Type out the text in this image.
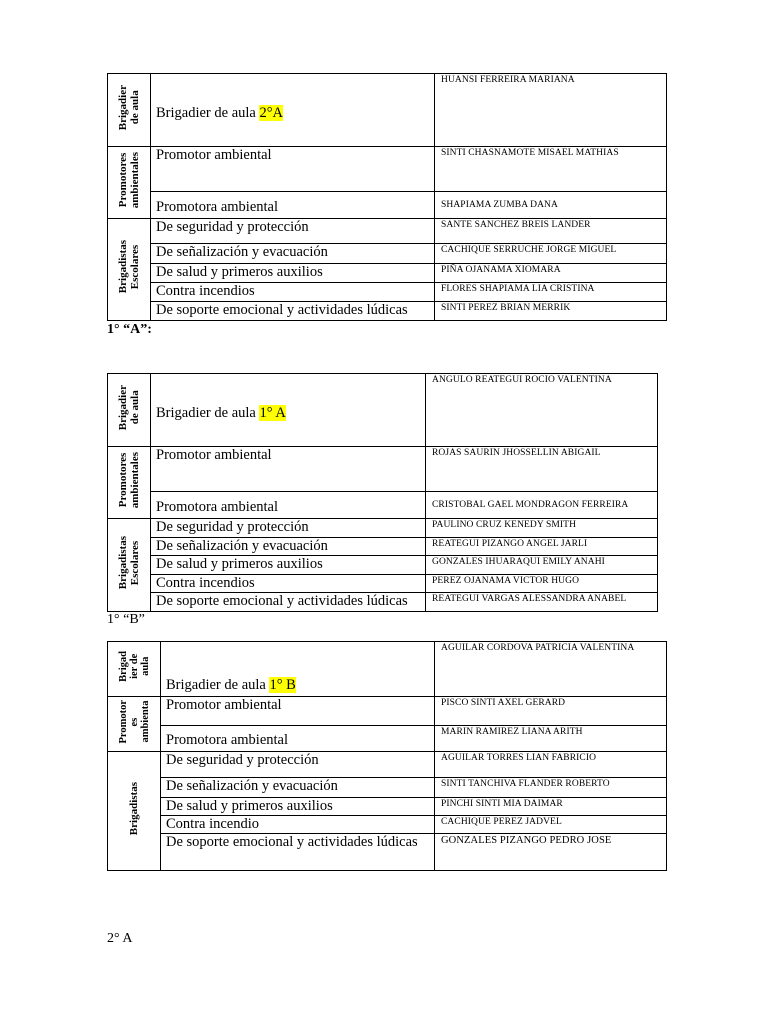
Brigadier
de aula	Brigadier de aula 2°A	HUANSI FERREIRA MARIANA
Promotores
ambientales	Promotor ambiental	SINTI CHASNAMOTE MISAEL MATHIAS
	Promotora ambiental	SHAPIAMA ZUMBA DANA
Brigadistas
Escolares	De seguridad y protección	SANTE SANCHEZ BREIS LANDER
	De señalización y evacuación	CACHIQUE SERRUCHE JORGE MIGUEL
	De salud y primeros auxilios	PIÑA OJANAMA XIOMARA
	Contra incendios	FLORES SHAPIAMA LIA CRISTINA
	De soporte emocional y actividades lúdicas	SINTI PEREZ BRIAN MERRIK
1° “A”:
Brigadier
de aula	Brigadier de aula 1° A	ANGULO REATEGUI ROCIO VALENTINA
Promotores
ambientales	Promotor ambiental	ROJAS SAURIN JHOSSELLIN ABIGAIL
	Promotora ambiental	CRISTOBAL GAEL MONDRAGON FERREIRA
Brigadistas
Escolares	De seguridad y protección	PAULINO CRUZ KENEDY SMITH
	De señalización y evacuación	REATEGUI PIZANGO ANGEL JARLI
	De salud y primeros auxilios	GONZALES IHUARAQUI EMILY ANAHI
	Contra incendios	PEREZ OJANAMA VICTOR HUGO
	De soporte emocional y actividades lúdicas	REATEGUI VARGAS ALESSANDRA ANABEL
1° “B”
Brigad
ier de
aula	Brigadier de aula 1° B	AGUILAR CORDOVA PATRICIA VALENTINA
Promotor
es
ambienta	Promotor ambiental	PISCO SINTI AXEL GERARD
	Promotora ambiental	MARIN RAMIREZ LIANA ARITH
Brigadistas	De seguridad y protección	AGUILAR TORRES LIAN FABRICIO
	De señalización y evacuación	SINTI TANCHIVA FLANDER ROBERTO
	De salud y primeros auxilios	PINCHI SINTI MIA DAIMAR
	Contra incendio	CACHIQUE PEREZ JADVEL
	De soporte emocional y actividades lúdicas	GONZALES PIZANGO PEDRO JOSE
2° A
